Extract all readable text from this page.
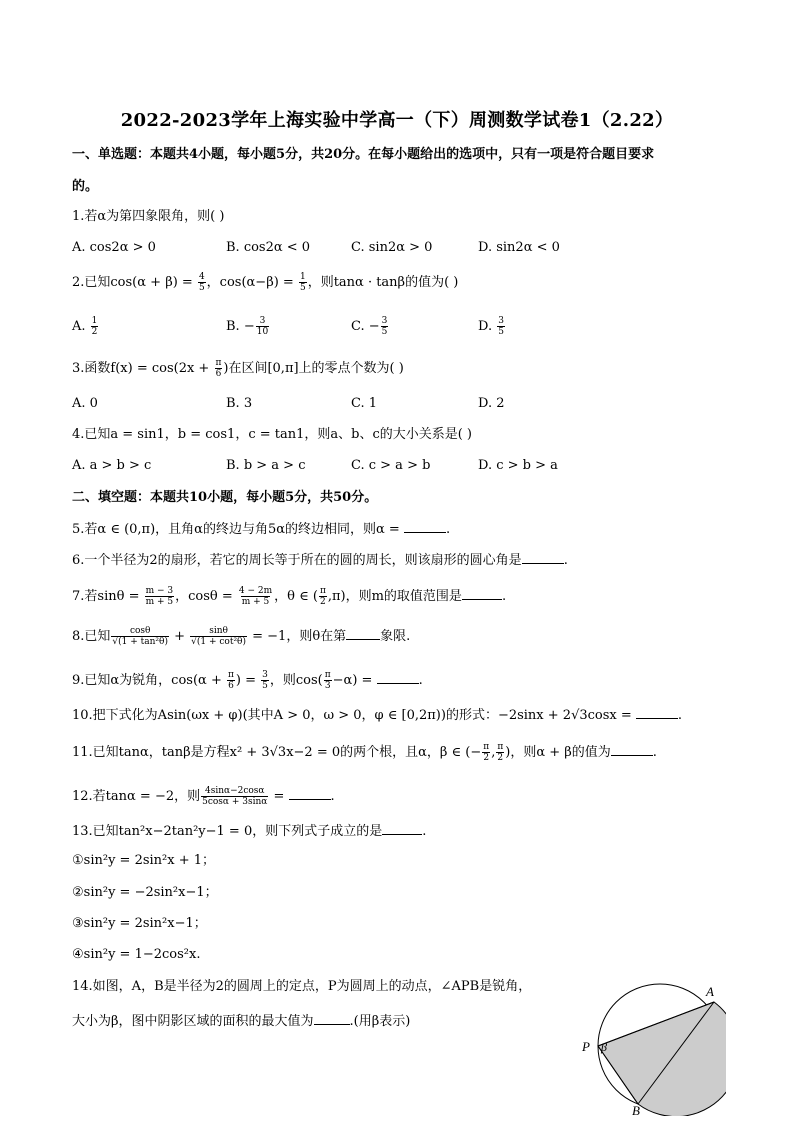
2022-2023学年上海实验中学高一（下）周测数学试卷1（2.22）
一、单选题：本题共4小题，每小题5分，共20分。在每小题给出的选项中，只有一项是符合题目要求
的。
1.若α为第四象限角，则( )
A. cos2α > 0	B. cos2α < 0	C. sin2α > 0	D. sin2α < 0
2.已知$\cos(\alpha + \beta) = \frac{4}{5}$ ，$\cos(\alpha-\beta) = \frac{1}{5}$ ，则tanα · tanβ的值为( )
A. $\frac{1}{2}$	B. − $\frac{3}{10}$	C. − $\frac{3}{5}$	D. $\frac{3}{5}$
3.函数$f(x) = \cos(2x + \frac{\pi}{6}$ )在区间[0,π]上的零点个数为( )
A. 0	B. 3	C. 1	D. 2
4.已知a = sin1，b = cos1，c = tan1，则a、b、c的大小关系是( )
A. a > b > c	B. b > a > c	C. c > a > b	D. c > b > a
二、填空题：本题共10小题，每小题5分，共50分。
5.若α ∈ (0,π)，且角α的终边与角5α的终边相同，则α =	.
6.一个半径为2的扇形，若它的周长等于所在的圆的周长，则该扇形的圆心角是	.
7.若$\sin\theta = \frac{m - 3}{m + 5}$ ，$\cos\theta = \frac{4 - 2m}{m + 5}$ ，θ ∈ ( $\frac{\pi}{2} ,\pi$)，则m的取值范围是	.
8.已知 $\frac{\cos\theta}{\text{√(1 + tan²θ)}} + \frac{\sin\theta}{\text{√(1 + cot²θ)}} = -1$，则θ在第	象限.
9.已知α为锐角，$\cos(\alpha + \frac{\pi}{6}$ ) = $\frac{3}{5}$ ，则$\cos( \frac{\pi}{3} -\alpha)$ =	.
10.把下式化为Asin(ωx + φ)(其中A > 0，ω > 0，φ ∈ [0,2π))的形式：−2sinx + 2√3cosx =	.
11.已知tanα，tanβ是方程x² + 3√3x−2 = 0的两个根，且α，β ∈ (− $\frac{\pi}{2}$ , $\frac{\pi}{2}$ )，则α + β的值为	.
12.若tanα = −2，则 $\frac{4\sin\alpha-2\cos\alpha}{5\cos\alpha + 3\sin\alpha}$ =	.
13.已知tan²x−2tan²y−1 = 0，则下列式子成立的是	.
①sin²y = 2sin²x + 1；
②sin²y = −2sin²x−1；
③sin²y = 2sin²x−1；
④sin²y = 1−2cos²x.
14.如图，A，B是半径为2的圆周上的定点，P为圆周上的动点，∠APB是锐角，
大小为β，图中阴影区域的面积的最大值为	.(用β表示)
A
B
P β
